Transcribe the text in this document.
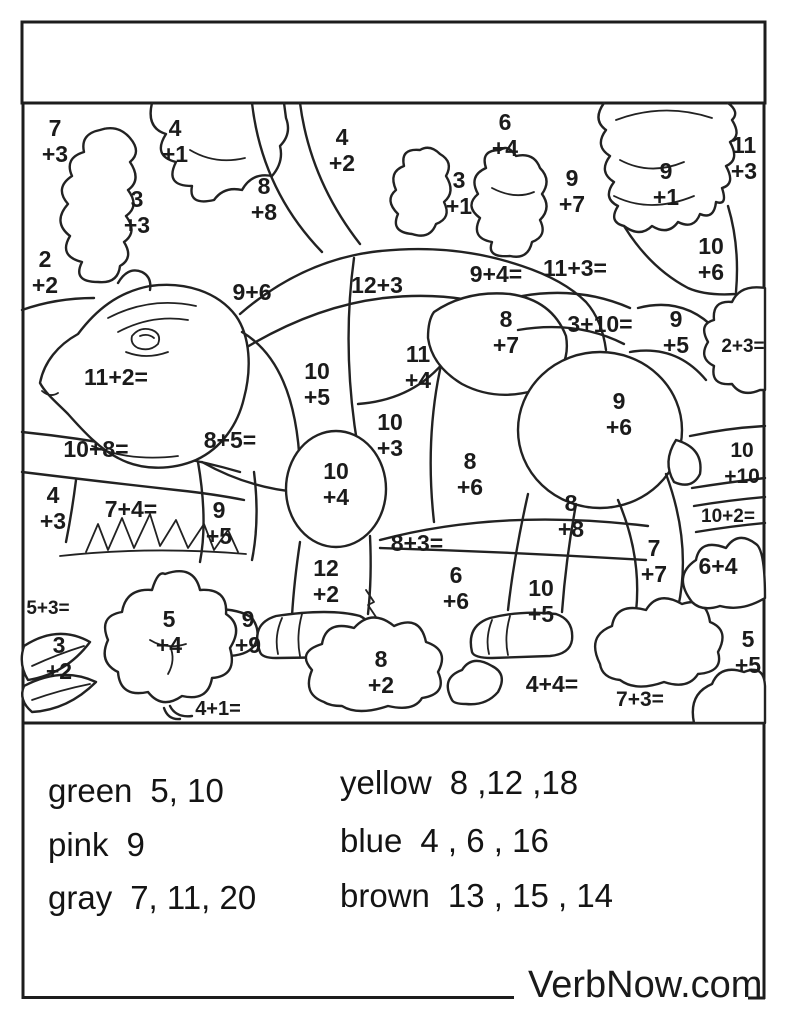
7 +3
4 +1
4 +2
6 +4	11 +3
8 +8
3 +3
3 +1
9 +7
9 +1
2 +2
10 +6
9+6	12+3	9+4= 11+3=
11+2=
8 +7
3+10= 9 +5 2+3=
11 +4
10 +5
10 +3
9 +6
10 +10
10+8=	8+5=
10 +4
8 +6
4 +3 7+4= 9 +5
8 +8
8+3=
10+2=
12 +2
7 +7 6+4
6 +6	10 +5
5+3=	5 +4
9 +9
3 +2	8 +2
5 +5
4+4=
7+3=
4+1=
green 5, 10
pink 9
gray 7, 11, 20
yellow 8 ,12 ,18
blue 4 , 6 , 16
brown 13 , 15 , 14
VerbNow.com
